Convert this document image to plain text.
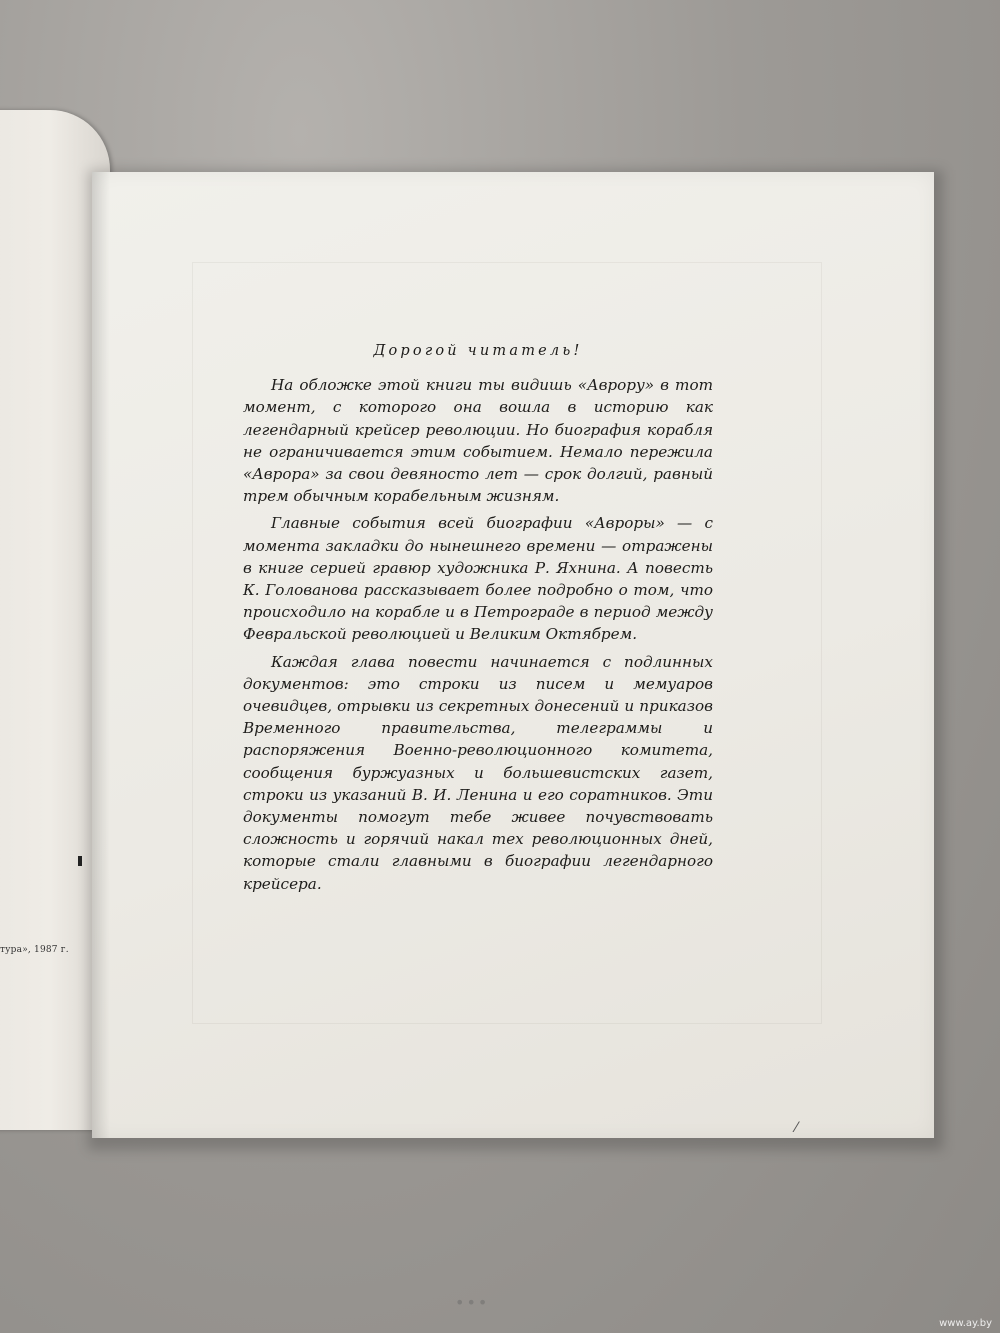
тура», 1987 г.

Дорогой читатель!

На обложке этой книги ты видишь «Аврору» в тот момент, с которого она вошла в историю как легендарный крейсер революции. Но биография корабля не ограничивается этим событием. Немало пережила «Аврора» за свои девяносто лет — срок долгий, равный трем обычным корабельным жизням.

Главные события всей биографии «Авроры» — с момента закладки до нынешнего времени — отражены в книге серией гравюр художника Р. Яхнина. А повесть К. Голованова рассказывает более подробно о том, что происходило на корабле и в Петрограде в период между Февральской революцией и Великим Октябрем.

Каждая глава повести начинается с подлинных документов: это строки из писем и мемуаров очевидцев, отрывки из секретных донесений и приказов Временного правительства, телеграммы и распоряжения Военно-революционного комитета, сообщения буржуазных и большевистских газет, строки из указаний В. И. Ленина и его соратников. Эти документы помогут тебе живее почувствовать сложность и горячий накал тех революционных дней, которые стали главными в биографии легендарного крейсера.

⁄
•••
www.ay.by
